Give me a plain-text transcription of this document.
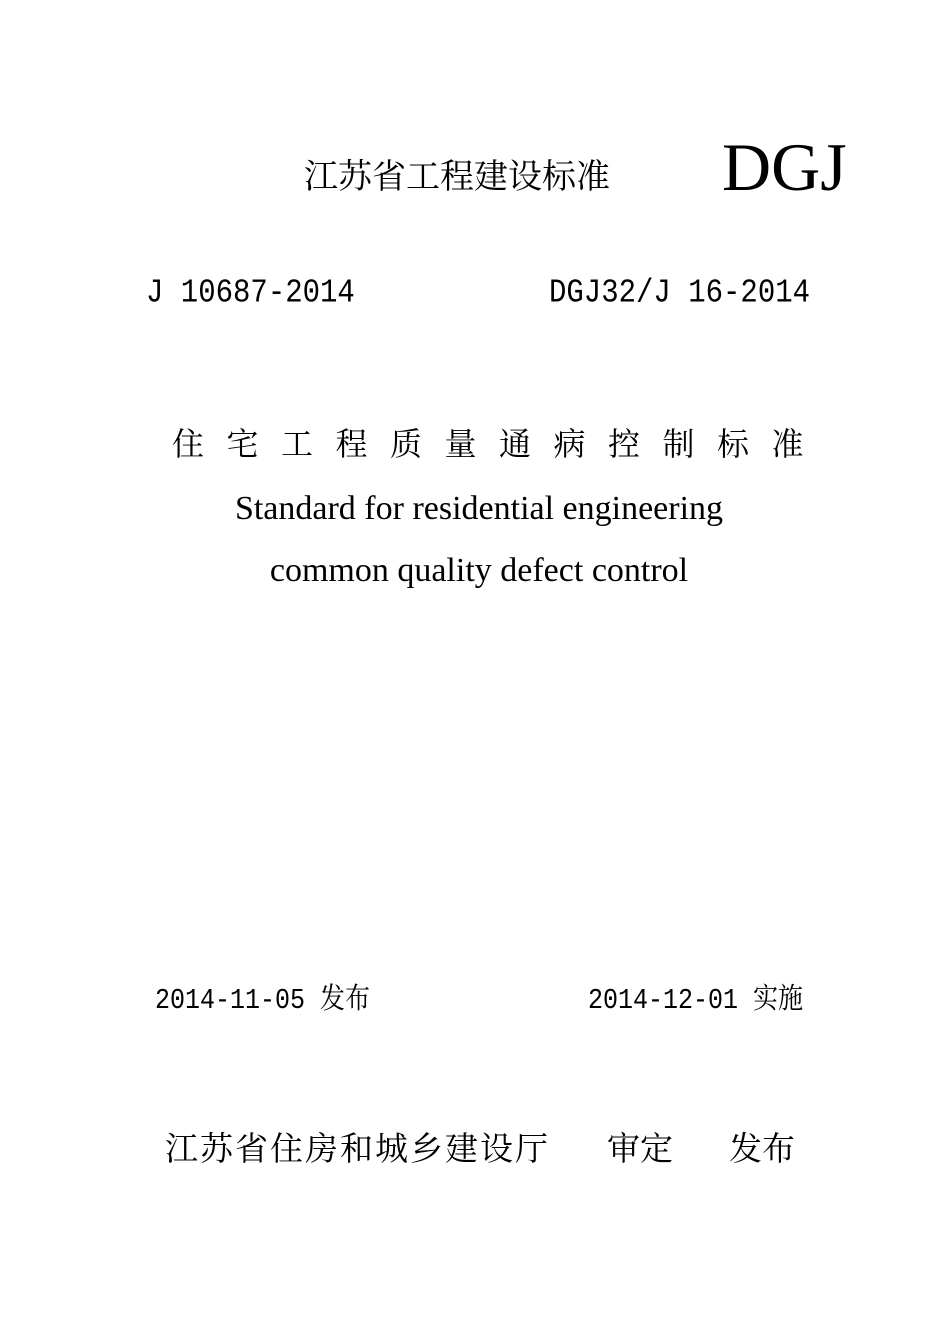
江苏省工程建设标准 DGJ
J 10687-2014	DGJ32/J 16-2014
住宅工程质量通病控制标准
Standard for residential engineering
common quality defect control
2014-11-05 发布	2014-12-01 实施
江苏省住房和城乡建设厅 审定 发布
